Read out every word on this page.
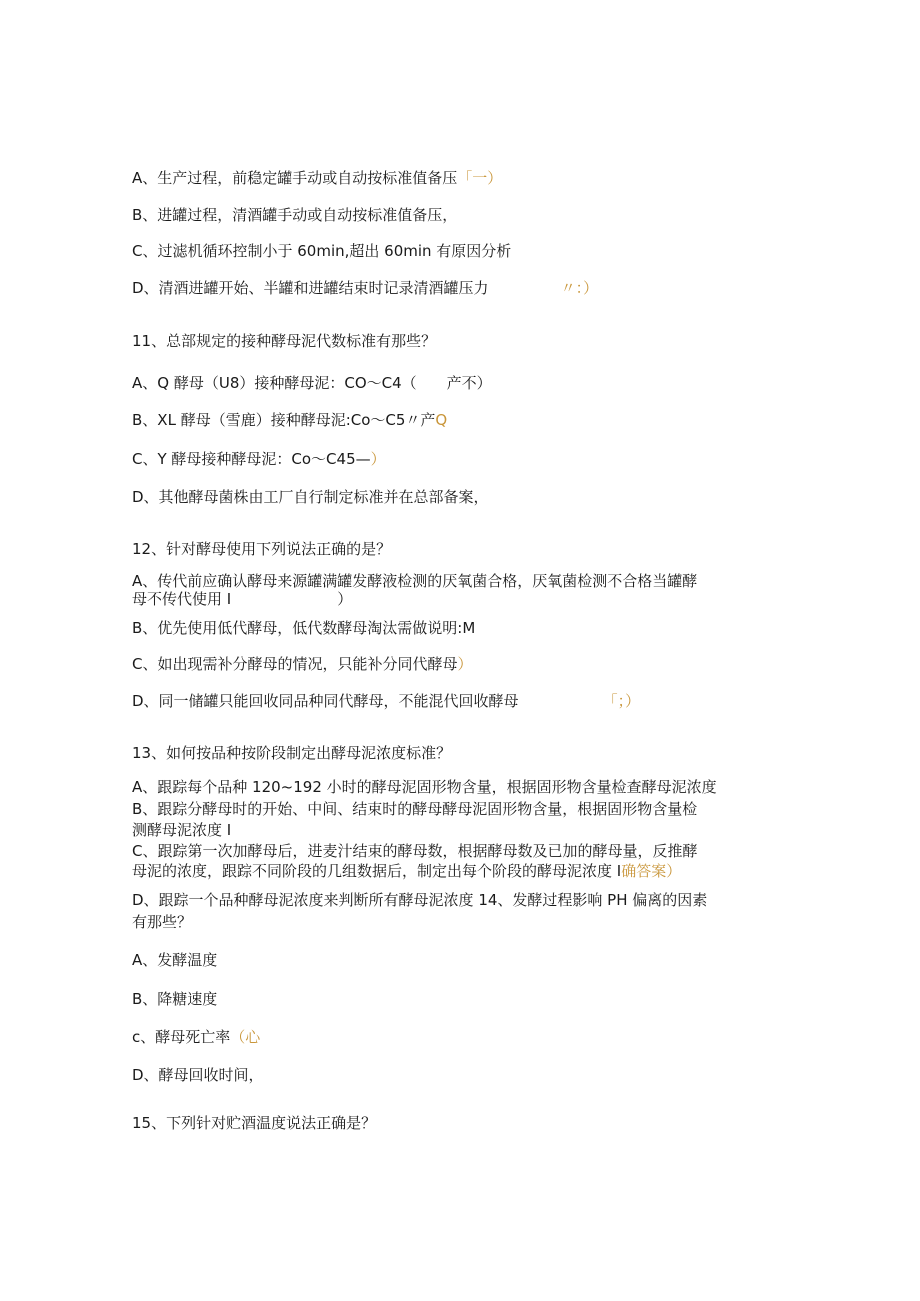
A、生产过程，前稳定罐手动或自动按标准值备压「一）
B、进罐过程，清酒罐手动或自动按标准值备压，
C、过滤机循环控制小于 60min,超出 60min 有原因分析
D、清酒进罐开始、半罐和进罐结束时记录清酒罐压力	〃：）
11、总部规定的接种酵母泥代数标准有那些？
A、Q 酵母（U8）接种酵母泥：CO～C4（ 产不）
B、XL 酵母（雪鹿）接种酵母泥:Co～C5〃产Q
C、Y 酵母接种酵母泥：Co～C45—）
D、其他酵母菌株由工厂自行制定标准并在总部备案，
12、针对酵母使用下列说法正确的是？
A、传代前应确认酵母来源罐满罐发酵液检测的厌氧菌合格，厌氧菌检测不合格当罐酵
母不传代使用 I	）
B、优先使用低代酵母，低代数酵母淘汰需做说明:M
C、如出现需补分酵母的情况，只能补分同代酵母）
D、同一储罐只能回收同品种同代酵母，不能混代回收酵母	「；）
13、如何按品种按阶段制定出酵母泥浓度标准？
A、跟踪每个品种 120~192 小时的酵母泥固形物含量，根据固形物含量检查酵母泥浓度
B、跟踪分酵母时的开始、中间、结束时的酵母酵母泥固形物含量，根据固形物含量检
测酵母泥浓度 I
C、跟踪第一次加酵母后，进麦汁结束的酵母数，根据酵母数及已加的酵母量，反推酵
母泥的浓度，跟踪不同阶段的几组数据后，制定出每个阶段的酵母泥浓度 I确答案）
D、跟踪一个品种酵母泥浓度来判断所有酵母泥浓度 14、发酵过程影响 PH 偏离的因素
有那些？
A、发酵温度
B、降糖速度
c、酵母死亡率（心
D、酵母回收时间，
15、下列针对贮酒温度说法正确是？
